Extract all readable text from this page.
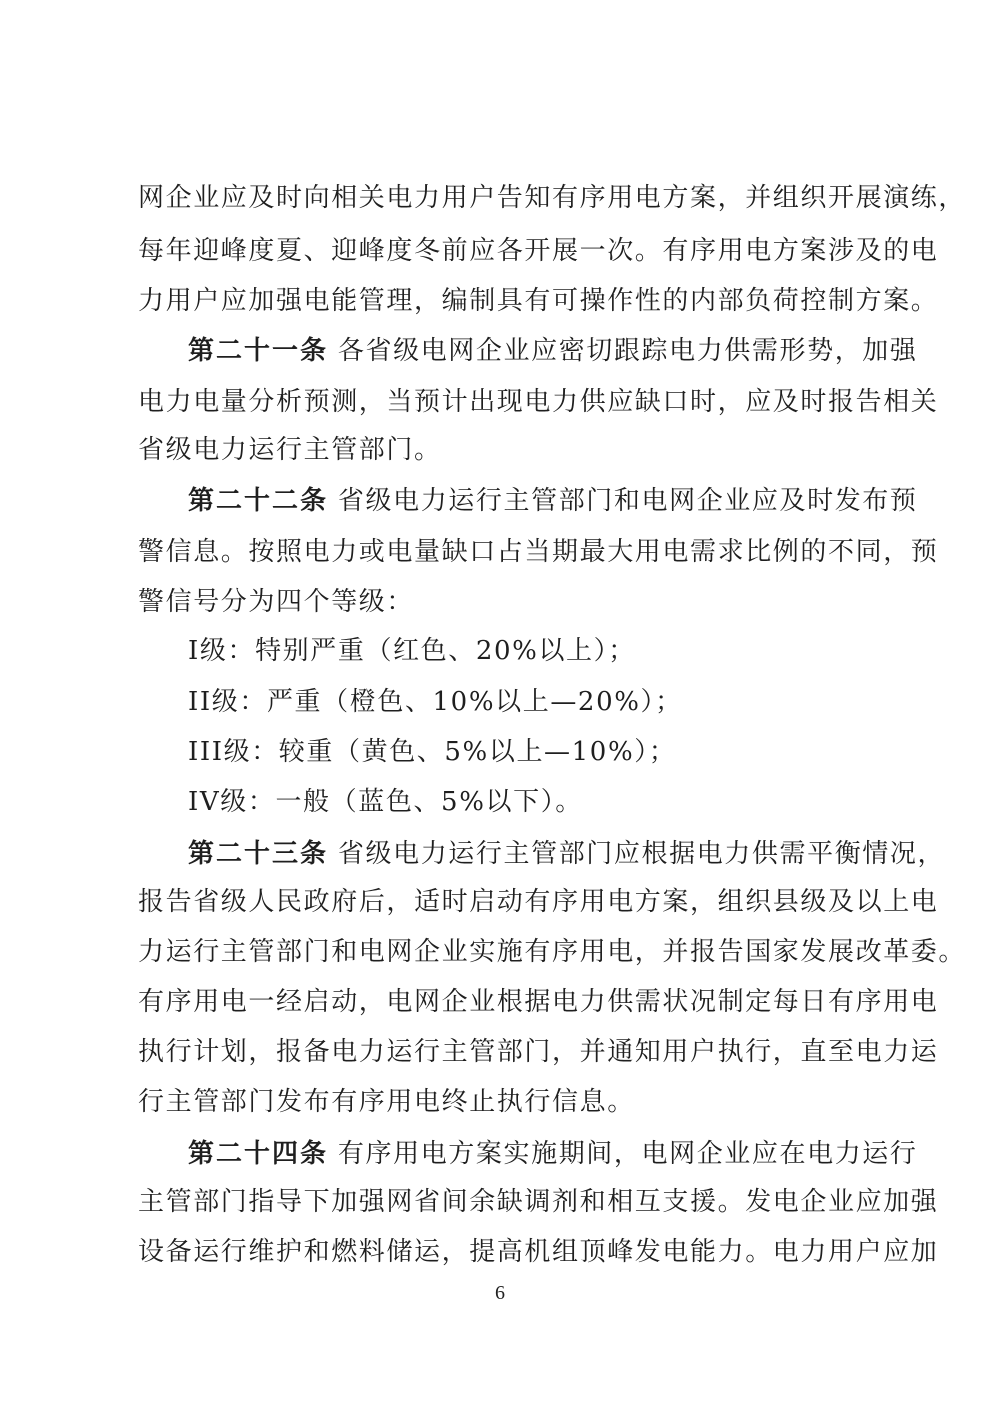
网企业应及时向相关电力用户告知有序用电方案，并组织开展演练，
每年迎峰度夏、迎峰度冬前应各开展一次。有序用电方案涉及的电
力用户应加强电能管理，编制具有可操作性的内部负荷控制方案。
第二十一条 各省级电网企业应密切跟踪电力供需形势，加强
电力电量分析预测，当预计出现电力供应缺口时，应及时报告相关
省级电力运行主管部门。
第二十二条 省级电力运行主管部门和电网企业应及时发布预
警信息。按照电力或电量缺口占当期最大用电需求比例的不同，预
警信号分为四个等级：
I级：特别严重（红色、20%以上）；
II级：严重（橙色、10%以上—20%）；
III级：较重（黄色、5%以上—10%）；
IV级：一般（蓝色、5%以下）。
第二十三条 省级电力运行主管部门应根据电力供需平衡情况，
报告省级人民政府后，适时启动有序用电方案，组织县级及以上电
力运行主管部门和电网企业实施有序用电，并报告国家发展改革委。
有序用电一经启动，电网企业根据电力供需状况制定每日有序用电
执行计划，报备电力运行主管部门，并通知用户执行，直至电力运
行主管部门发布有序用电终止执行信息。
第二十四条 有序用电方案实施期间，电网企业应在电力运行
主管部门指导下加强网省间余缺调剂和相互支援。发电企业应加强
设备运行维护和燃料储运，提高机组顶峰发电能力。电力用户应加
6
